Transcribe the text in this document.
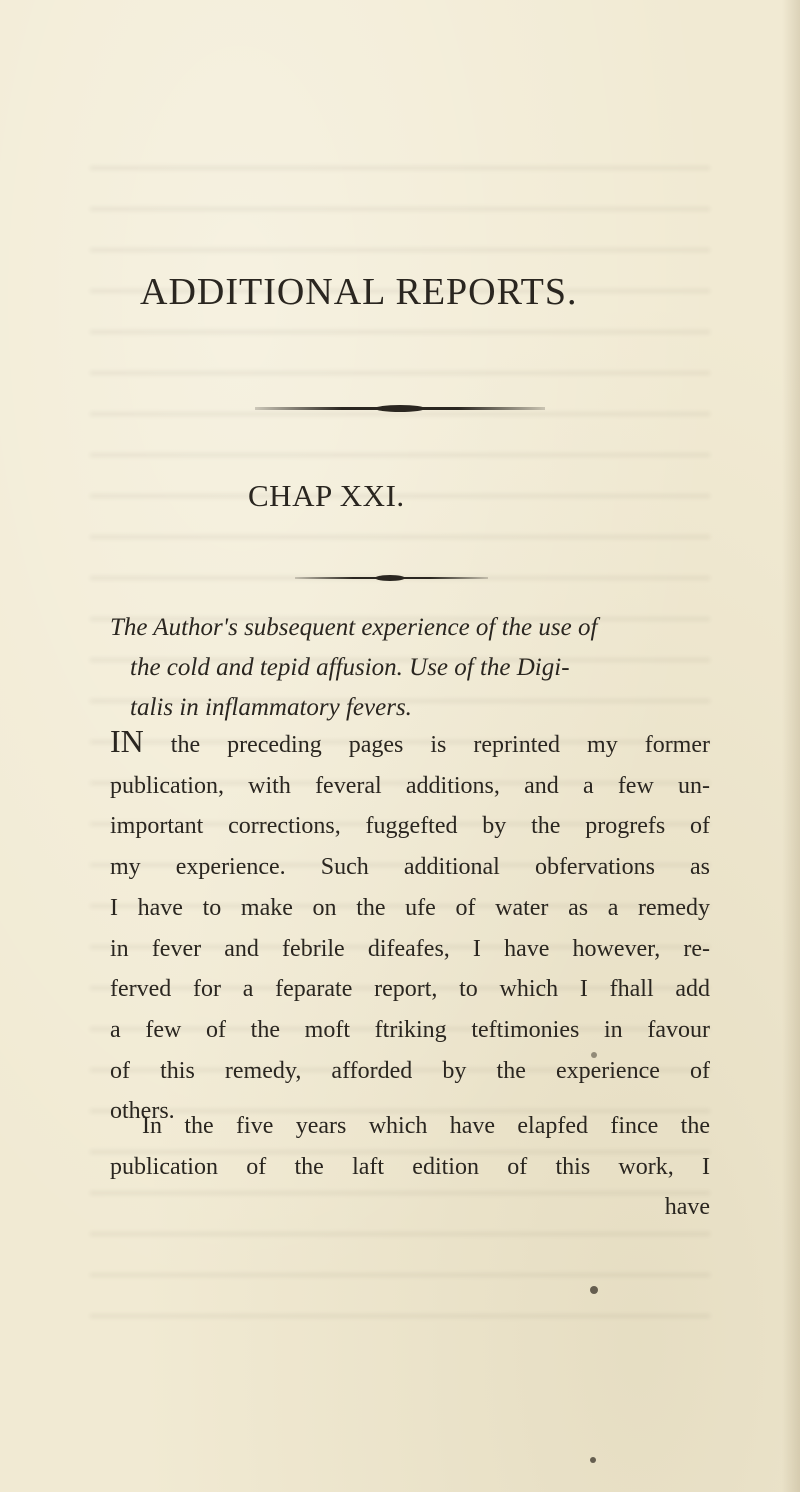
ADDITIONAL REPORTS.
CHAP XXI.
The Author's subsequent experience of the use of
the cold and tepid affusion. Use of the Digi-
talis in inflammatory fevers.
IN the preceding pages is reprinted my former
publication, with feveral additions, and a few un-
important corrections, fuggefted by the progrefs of
my experience. Such additional obfervations as
I have to make on the ufe of water as a remedy
in fever and febrile difeafes, I have however, re-
ferved for a feparate report, to which I fhall add
a few of the moft ftriking teftimonies in favour
of this remedy, afforded by the experience of
others.
In the five years which have elapfed fince the
publication of the laft edition of this work, I
have
